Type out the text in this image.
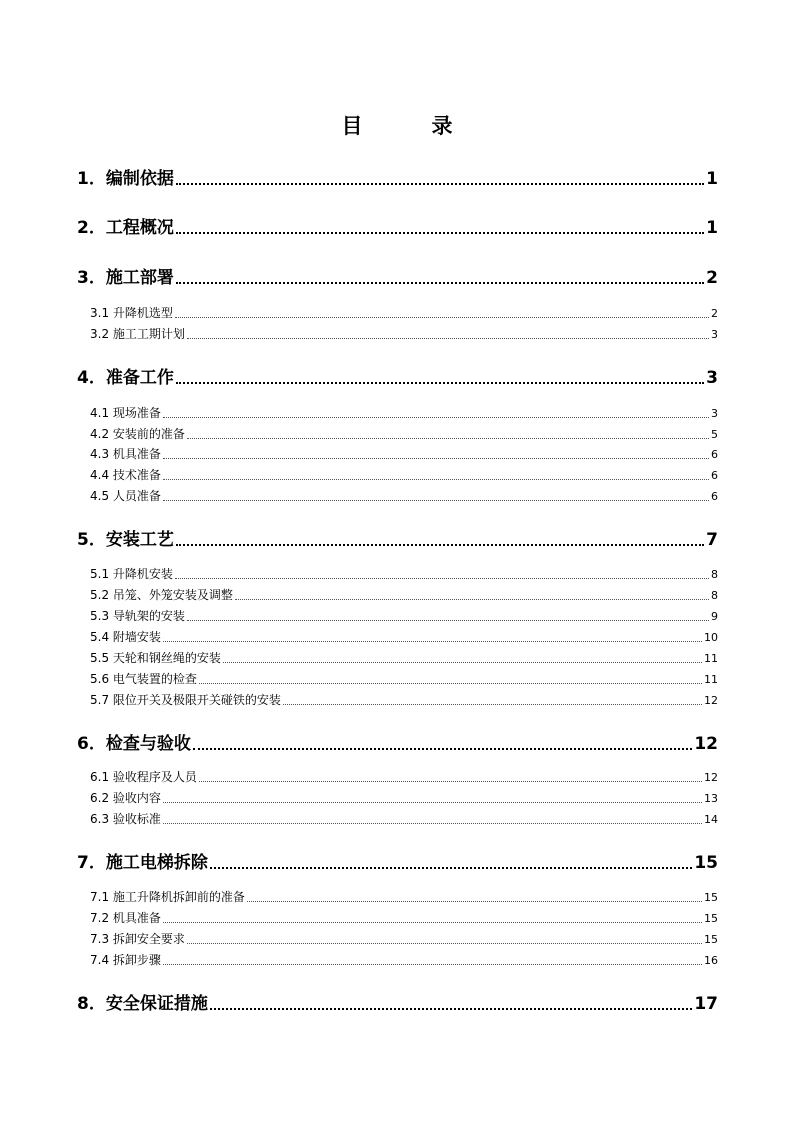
目　录
1．编制依据	1
2．工程概况	1
3．施工部署	2
3.1 升降机选型	2
3.2 施工工期计划	3
4．准备工作	3
4.1 现场准备	3
4.2 安装前的准备	5
4.3 机具准备	6
4.4 技术准备	6
4.5 人员准备	6
5．安装工艺	7
5.1 升降机安装	8
5.2 吊笼、外笼安装及调整	8
5.3 导轨架的安装	9
5.4 附墙安装	10
5.5 天轮和钢丝绳的安装	11
5.6 电气装置的检查	11
5.7 限位开关及极限开关碰铁的安装	12
6．检查与验收	12
6.1 验收程序及人员	12
6.2 验收内容	13
6.3 验收标准	14
7．施工电梯拆除	15
7.1 施工升降机拆卸前的准备	15
7.2 机具准备	15
7.3 拆卸安全要求	15
7.4 拆卸步骤	16
8．安全保证措施	17
